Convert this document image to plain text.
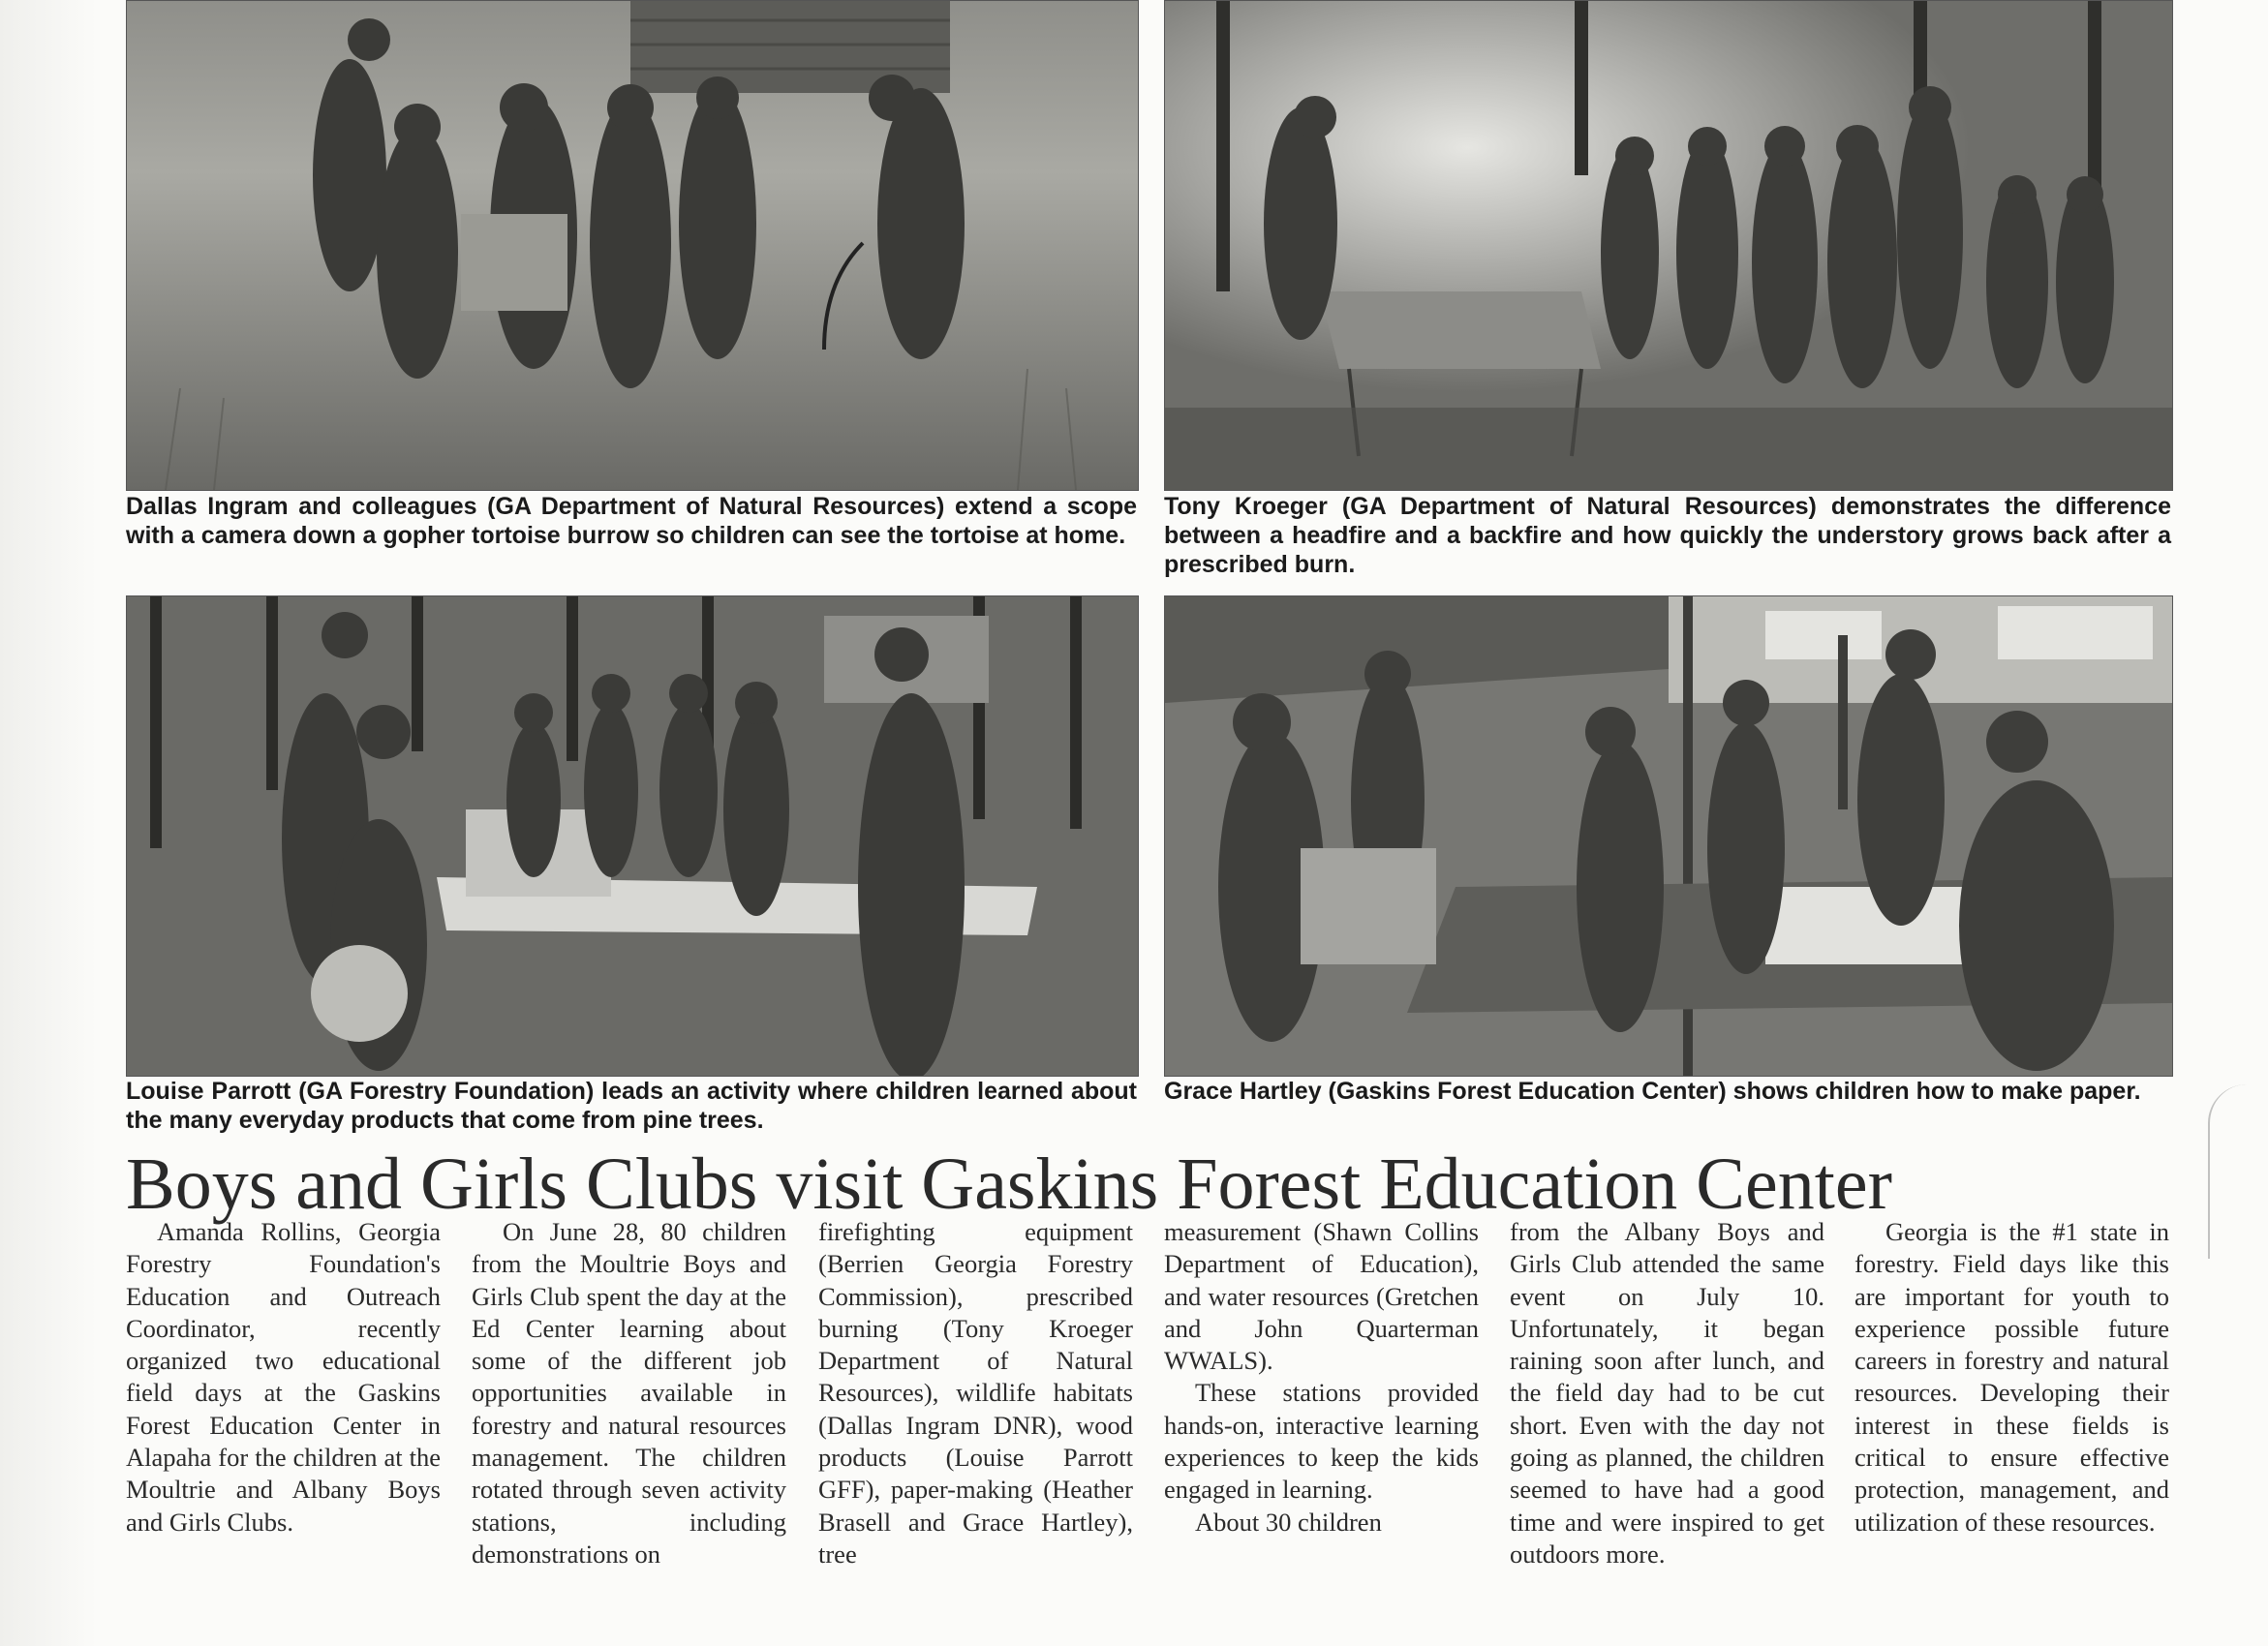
Dallas Ingram and colleagues (GA Department of Natural Resources) extend a scope with a camera down a gopher tortoise burrow so children can see the tortoise at home.
Tony Kroeger (GA Department of Natural Resources) demonstrates the difference between a headfire and a backfire and how quickly the understory grows back after a prescribed burn.
Louise Parrott (GA Forestry Foundation) leads an activity where children learned about the many everyday products that come from pine trees.
Grace Hartley (Gaskins Forest Education Center) shows children how to make paper.
Boys and Girls Clubs visit Gaskins Forest Education Center

Amanda Rollins, Georgia Forestry Foundation's Education and Outreach Coordinator, recently organized two educational field days at the Gaskins Forest Education Center in Alapaha for the children at the Moultrie and Albany Boys and Girls Clubs.

On June 28, 80 children from the Moultrie Boys and Girls Club spent the day at the Ed Center learning about some of the different job opportunities available in forestry and natural resources management. The children rotated through seven activity stations, including demonstrations on

firefighting equipment (Berrien Georgia Forestry Commission), prescribed burning (Tony Kroeger Department of Natural Resources), wildlife habitats (Dallas Ingram DNR), wood products (Louise Parrott GFF), paper-making (Heather Brasell and Grace Hartley), tree

measurement (Shawn Collins Department of Education), and water resources (Gretchen and John Quarterman WWALS).

These stations provided hands-on, interactive learning experiences to keep the kids engaged in learning.

About 30 children

from the Albany Boys and Girls Club attended the same event on July 10. Unfortunately, it began raining soon after lunch, and the field day had to be cut short. Even with the day not going as planned, the children seemed to have had a good time and were inspired to get outdoors more.

Georgia is the #1 state in forestry. Field days like this are important for youth to experience possible future careers in forestry and natural resources. Developing their interest in these fields is critical to ensure effective protection, management, and utilization of these resources.
